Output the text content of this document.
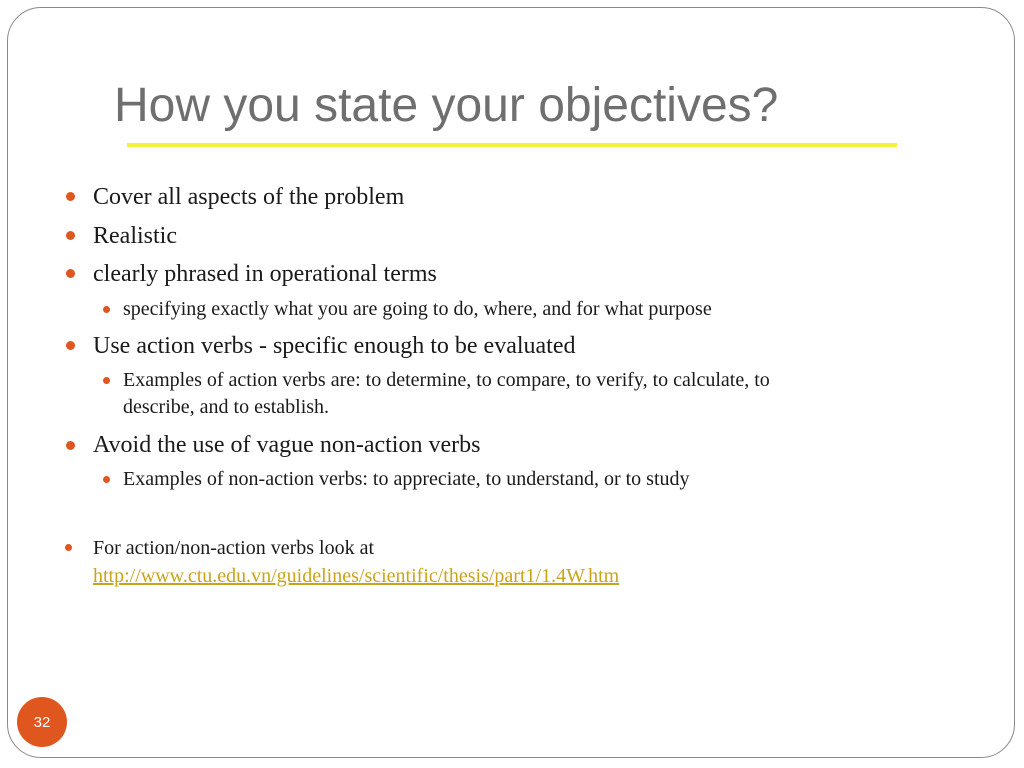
How you state your objectives?
Cover all aspects of the problem
Realistic
clearly phrased in operational terms
specifying exactly what you are going to do, where, and for what purpose
Use action verbs - specific enough to be evaluated
Examples of action verbs are: to determine, to compare, to verify, to calculate, to
describe, and to establish.
Avoid the use of vague non-action verbs
Examples of non-action verbs: to appreciate, to understand, or to study
For action/non-action verbs look at
http://www.ctu.edu.vn/guidelines/scientific/thesis/part1/1.4W.htm
32
